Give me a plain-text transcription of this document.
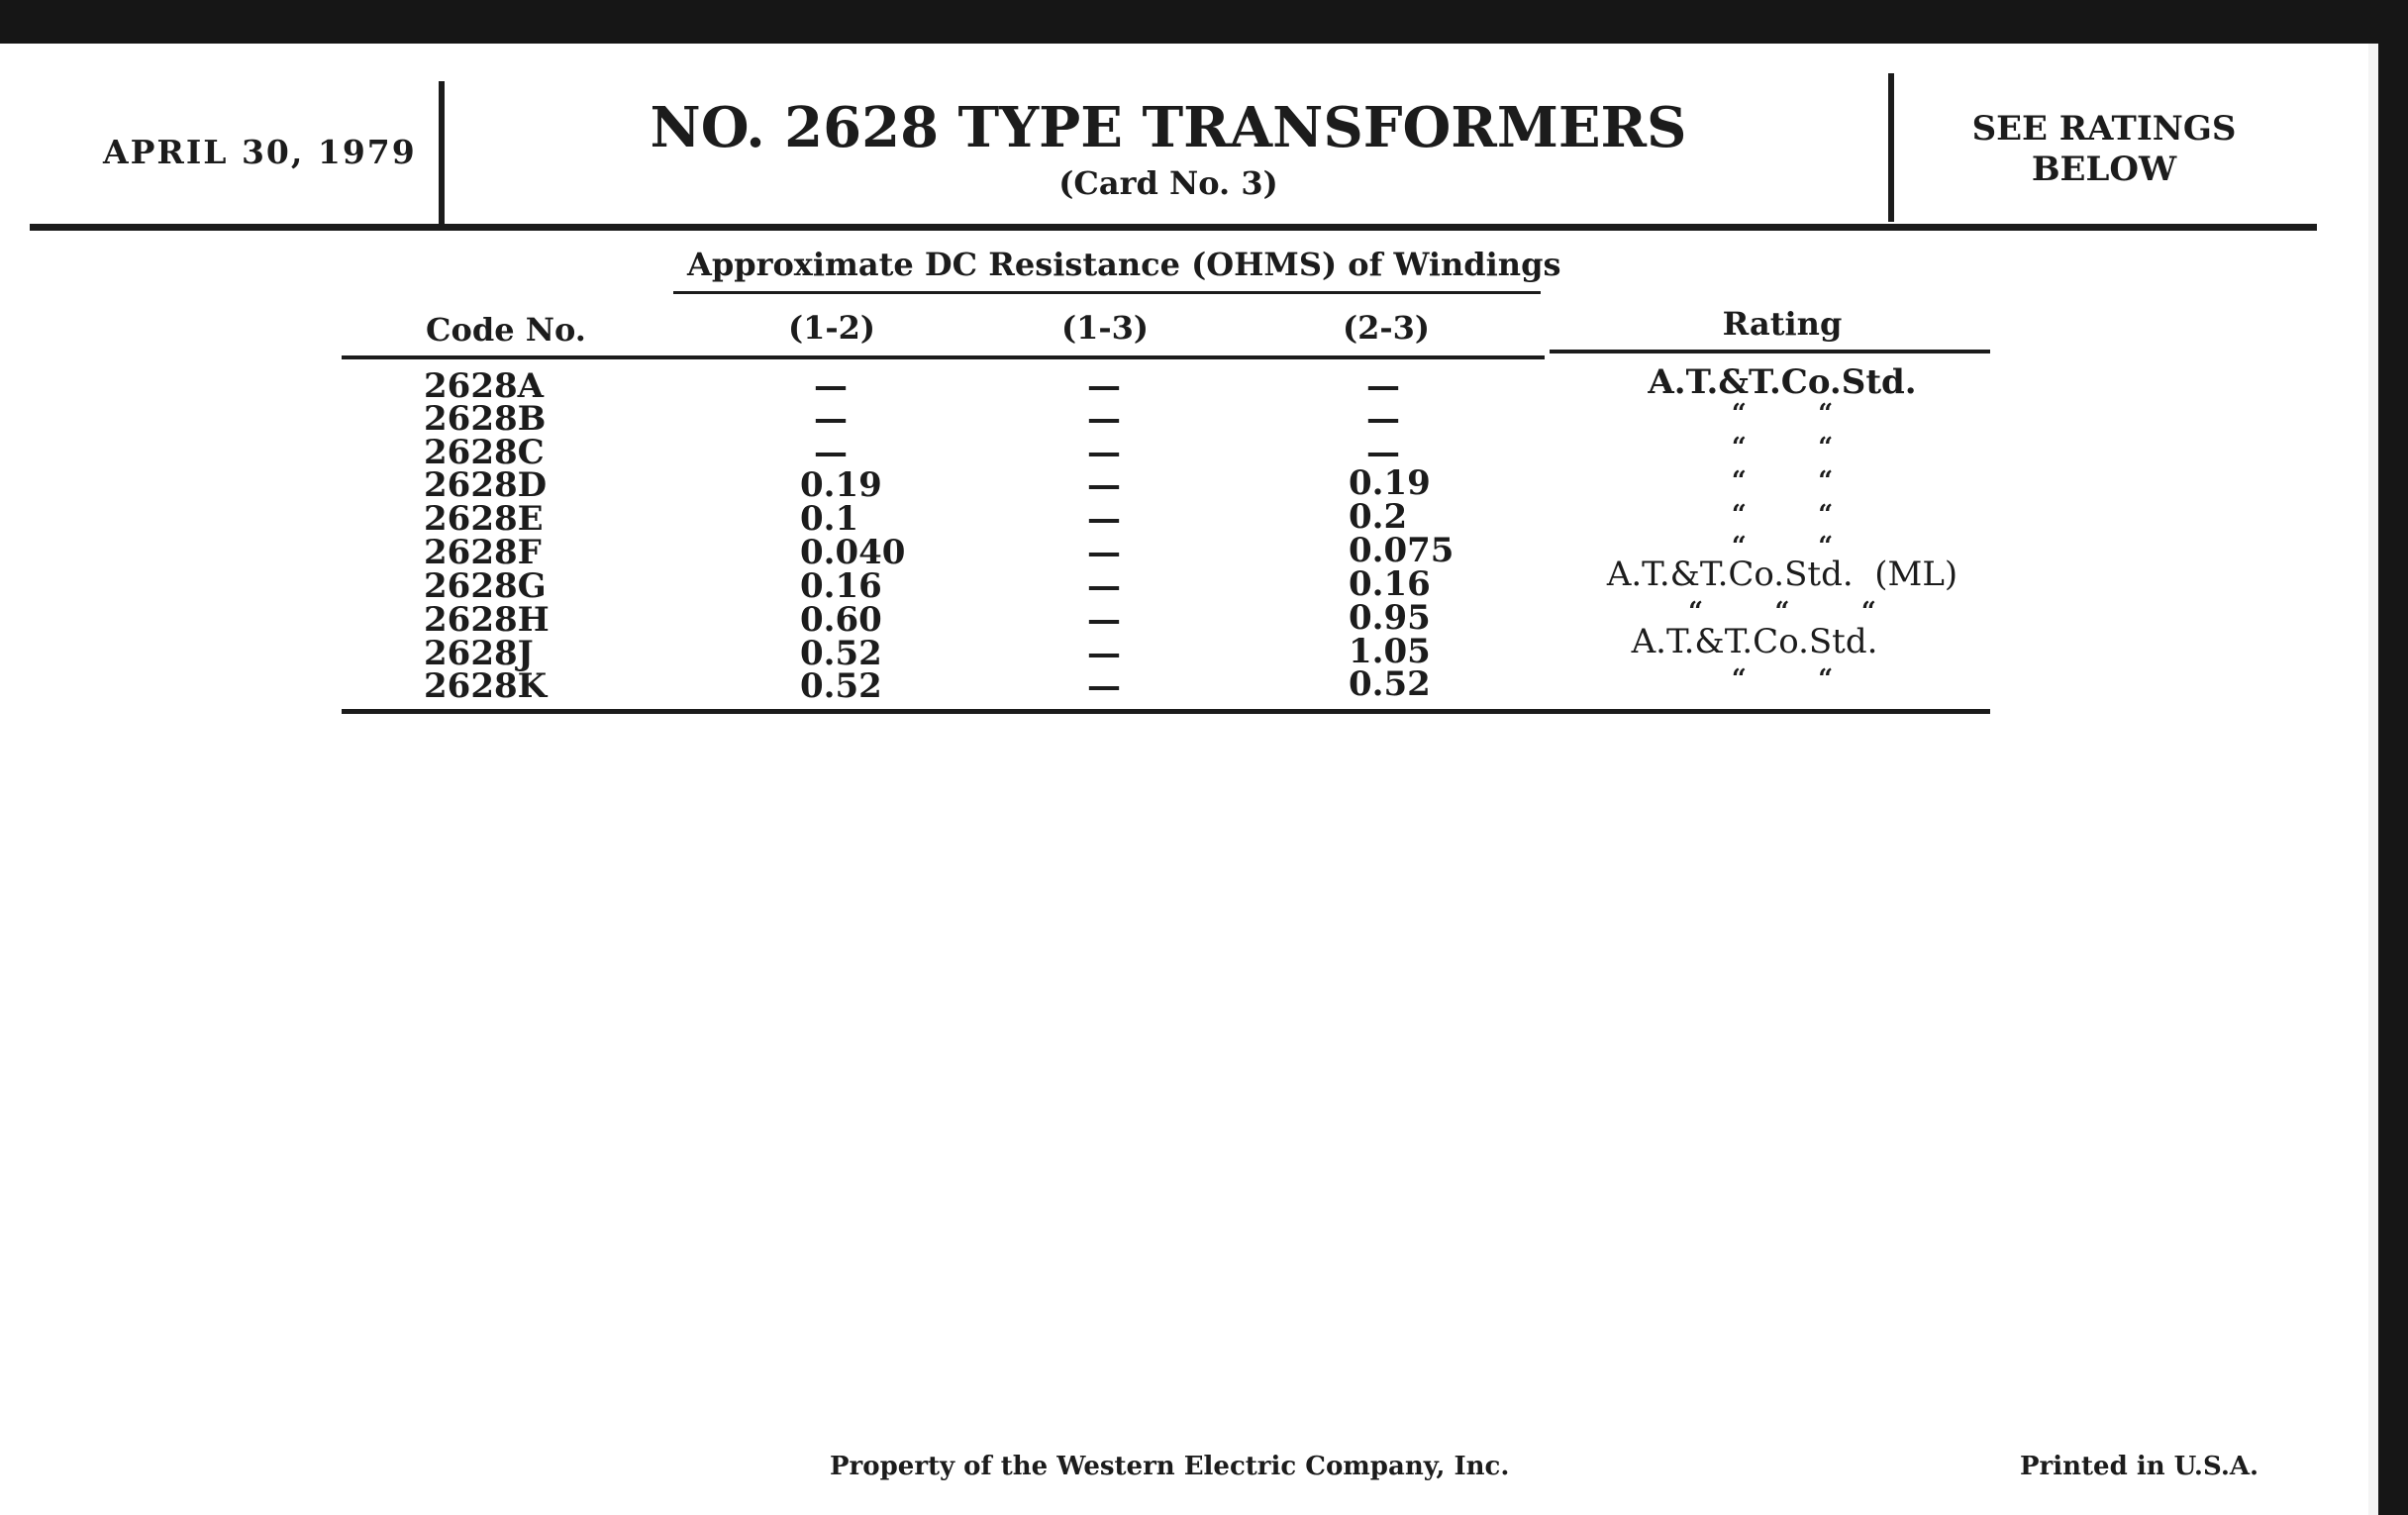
APRIL 30, 1979	NO. 2628 TYPE TRANSFORMERS
(Card No. 3)
SEE RATINGS
BELOW
Approximate DC Resistance (OHMS) of Windings
Code No.	(1-2)	(1-3)	(2-3)	Rating
2628A	—	—	—	A.T.&T.Co.Std.
2628B	—	—	—	“        “
2628C	—	—	—	“        “
2628D	0.19	—	0.19	“        “
2628E	0.1	—	0.2	“        “
2628F	0.040	—	0.075	“        “
2628G	0.16	—	0.16	A.T.&T.Co.Std.  (ML)
2628H	0.60	—	0.95	“        “        “
2628J	0.52	—	1.05	A.T.&T.Co.Std.
2628K	0.52	—	0.52	“        “
Property of the Western Electric Company, Inc.	Printed in U.S.A.
